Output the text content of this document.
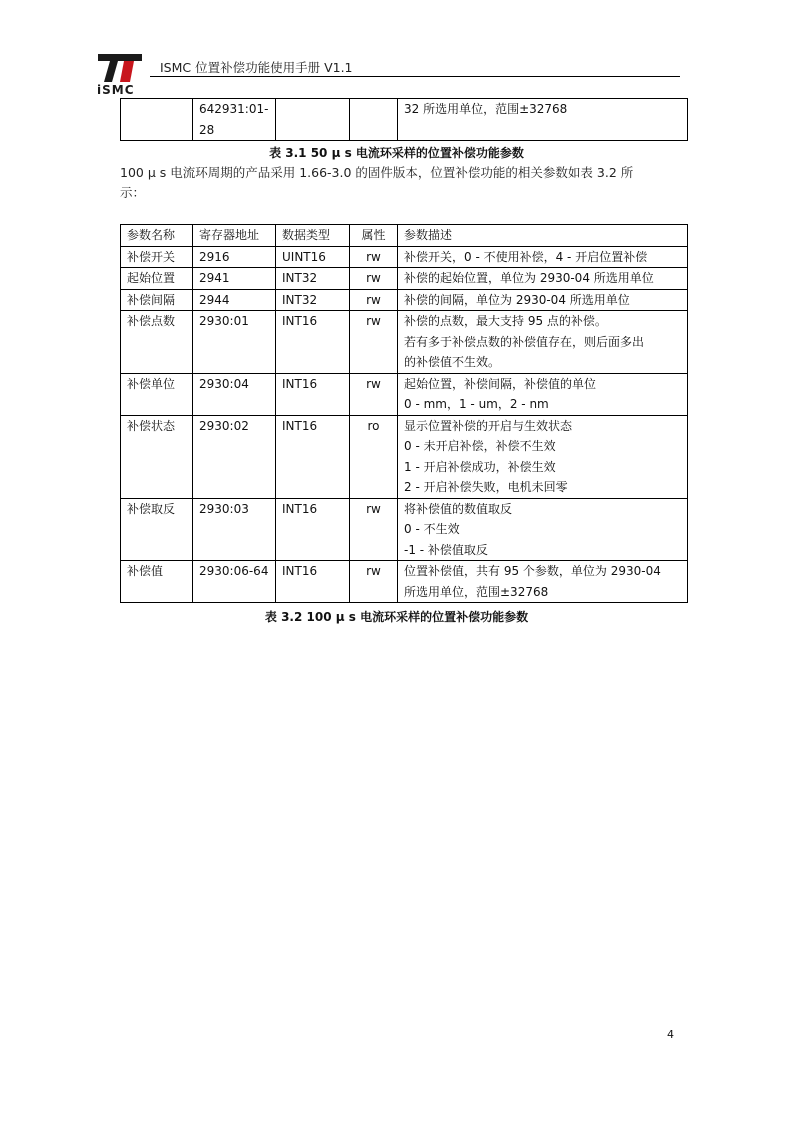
iSMC
ISMC 位置补偿功能使用手册 V1.1
	642931:01-28			32 所选用单位，范围±32768
表 3.1 50 µ s 电流环采样的位置补偿功能参数
100 µ s 电流环周期的产品采用 1.66-3.0 的固件版本，位置补偿功能的相关参数如表 3.2 所
示：
参数名称	寄存器地址	数据类型	属性	参数描述
补偿开关	2916	UINT16	rw	补偿开关，0 - 不使用补偿，4 - 开启位置补偿

起始位置	2941	INT32	rw	补偿的起始位置，单位为 2930-04 所选用单位

补偿间隔	2944	INT32	rw	补偿的间隔，单位为 2930-04 所选用单位

补偿点数	2930:01	INT16	rw	补偿的点数，最大支持 95 点的补偿。
若有多于补偿点数的补偿值存在，则后面多出
的补偿值不生效。

补偿单位	2930:04	INT16	rw	起始位置，补偿间隔，补偿值的单位
0 - mm，1 - um，2 - nm

补偿状态	2930:02	INT16	ro	显示位置补偿的开启与生效状态
0 - 未开启补偿，补偿不生效
1 - 开启补偿成功，补偿生效
2 - 开启补偿失败，电机未回零

补偿取反	2930:03	INT16	rw	将补偿值的数值取反
0 - 不生效
-1 - 补偿值取反

补偿值	2930:06-64	INT16	rw	位置补偿值，共有 95 个参数，单位为 2930-04
所选用单位，范围±32768
表 3.2 100 µ s 电流环采样的位置补偿功能参数
4
